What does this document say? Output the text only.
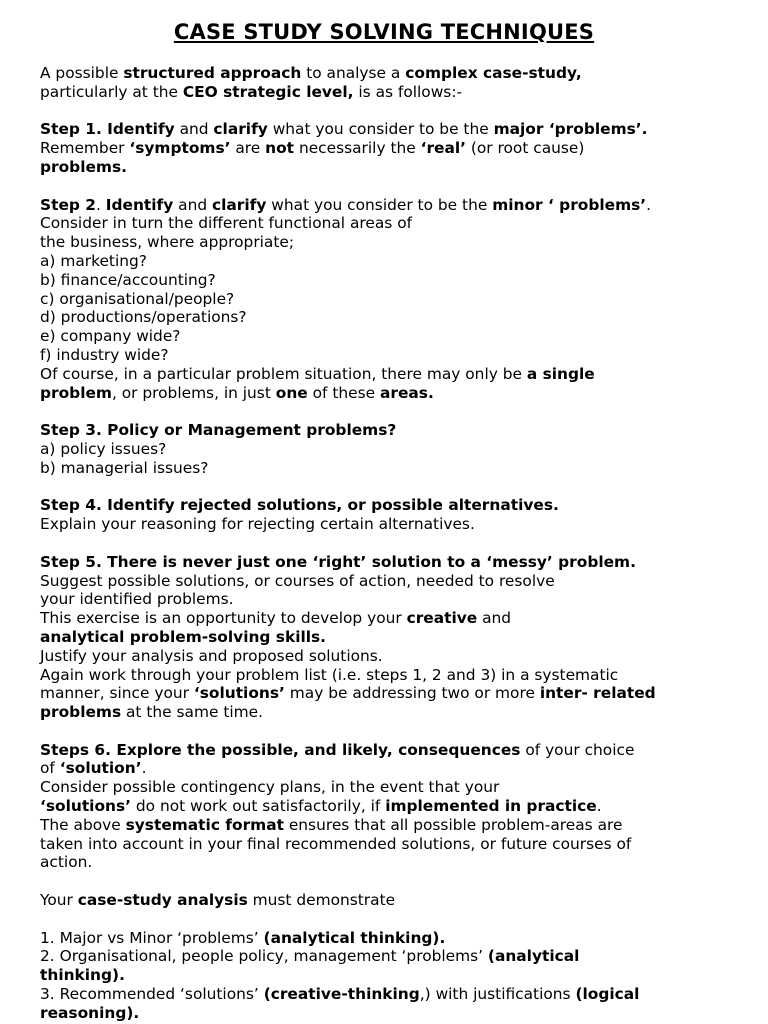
CASE STUDY SOLVING TECHNIQUES
A possible structured approach to analyse a complex case-study,
particularly at the CEO strategic level, is as follows:-
Step 1. Identify and clarify what you consider to be the major ‘problems’.
Remember ‘symptoms’ are not necessarily the ‘real’ (or root cause)
problems.
Step 2. Identify and clarify what you consider to be the minor ‘ problems’.
Consider in turn the different functional areas of
the business, where appropriate;
a) marketing?
b) finance/accounting?
c) organisational/people?
d) productions/operations?
e) company wide?
f) industry wide?
Of course, in a particular problem situation, there may only be a single
problem, or problems, in just one of these areas.
Step 3. Policy or Management problems?
a) policy issues?
b) managerial issues?
Step 4. Identify rejected solutions, or possible alternatives.
Explain your reasoning for rejecting certain alternatives.
Step 5. There is never just one ‘right’ solution to a ‘messy’ problem.
Suggest possible solutions, or courses of action, needed to resolve
your identified problems.
This exercise is an opportunity to develop your creative and
analytical problem-solving skills.
Justify your analysis and proposed solutions.
Again work through your problem list (i.e. steps 1, 2 and 3) in a systematic
manner, since your ‘solutions’ may be addressing two or more inter- related
problems at the same time.
Steps 6. Explore the possible, and likely, consequences of your choice
of ‘solution’.
Consider possible contingency plans, in the event that your
‘solutions’ do not work out satisfactorily, if implemented in practice.
The above systematic format ensures that all possible problem-areas are
taken into account in your final recommended solutions, or future courses of
action.
Your case-study analysis must demonstrate
1. Major vs Minor ‘problems’ (analytical thinking).
2. Organisational, people policy, management ‘problems’ (analytical
thinking).
3. Recommended ‘solutions’ (creative-thinking,) with justifications (logical
reasoning).
